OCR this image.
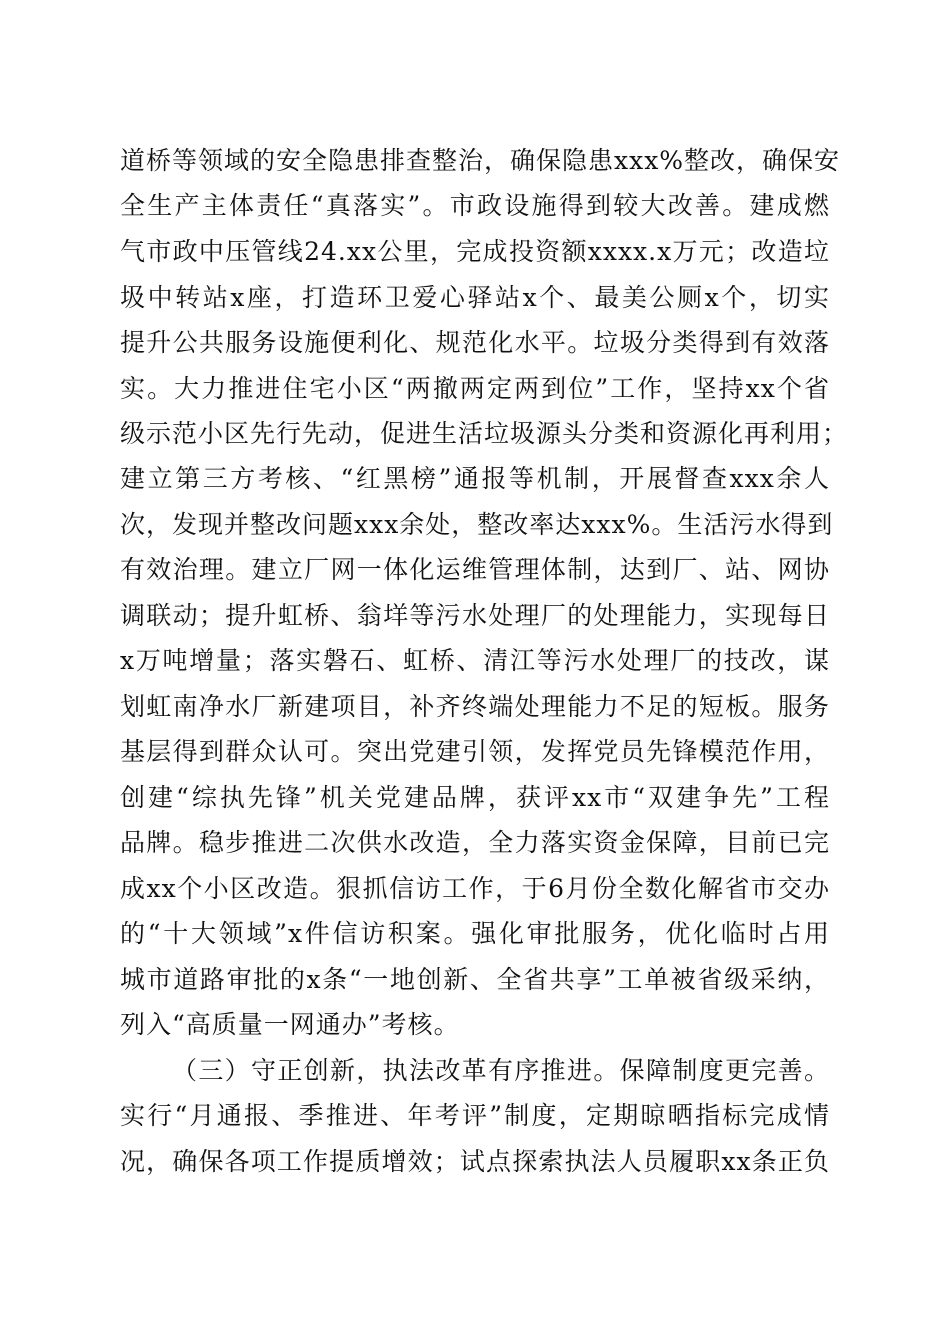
道桥等领域的安全隐患排查整治，确保隐患xxx%整改，确保安
全生产主体责任“真落实”。市政设施得到较大改善。建成燃
气市政中压管线24.xx公里，完成投资额xxxx.x万元；改造垃
圾中转站x座，打造环卫爱心驿站x个、最美公厕x个，切实
提升公共服务设施便利化、规范化水平。垃圾分类得到有效落
实。大力推进住宅小区“两撤两定两到位”工作，坚持xx个省
级示范小区先行先动，促进生活垃圾源头分类和资源化再利用；
建立第三方考核、“红黑榜”通报等机制，开展督查xxx余人
次，发现并整改问题xxx余处，整改率达xxx%。生活污水得到
有效治理。建立厂网一体化运维管理体制，达到厂、站、网协
调联动；提升虹桥、翁垟等污水处理厂的处理能力，实现每日
x万吨增量；落实磐石、虹桥、清江等污水处理厂的技改，谋
划虹南净水厂新建项目，补齐终端处理能力不足的短板。服务
基层得到群众认可。突出党建引领，发挥党员先锋模范作用，
创建“综执先锋”机关党建品牌，获评xx市“双建争先”工程
品牌。稳步推进二次供水改造，全力落实资金保障，目前已完
成xx个小区改造。狠抓信访工作，于6月份全数化解省市交办
的“十大领域”x件信访积案。强化审批服务，优化临时占用
城市道路审批的x条“一地创新、全省共享”工单被省级采纳，
列入“高质量一网通办”考核。
（三）守正创新，执法改革有序推进。保障制度更完善。
实行“月通报、季推进、年考评”制度，定期晾晒指标完成情
况，确保各项工作提质增效；试点探索执法人员履职xx条正负
